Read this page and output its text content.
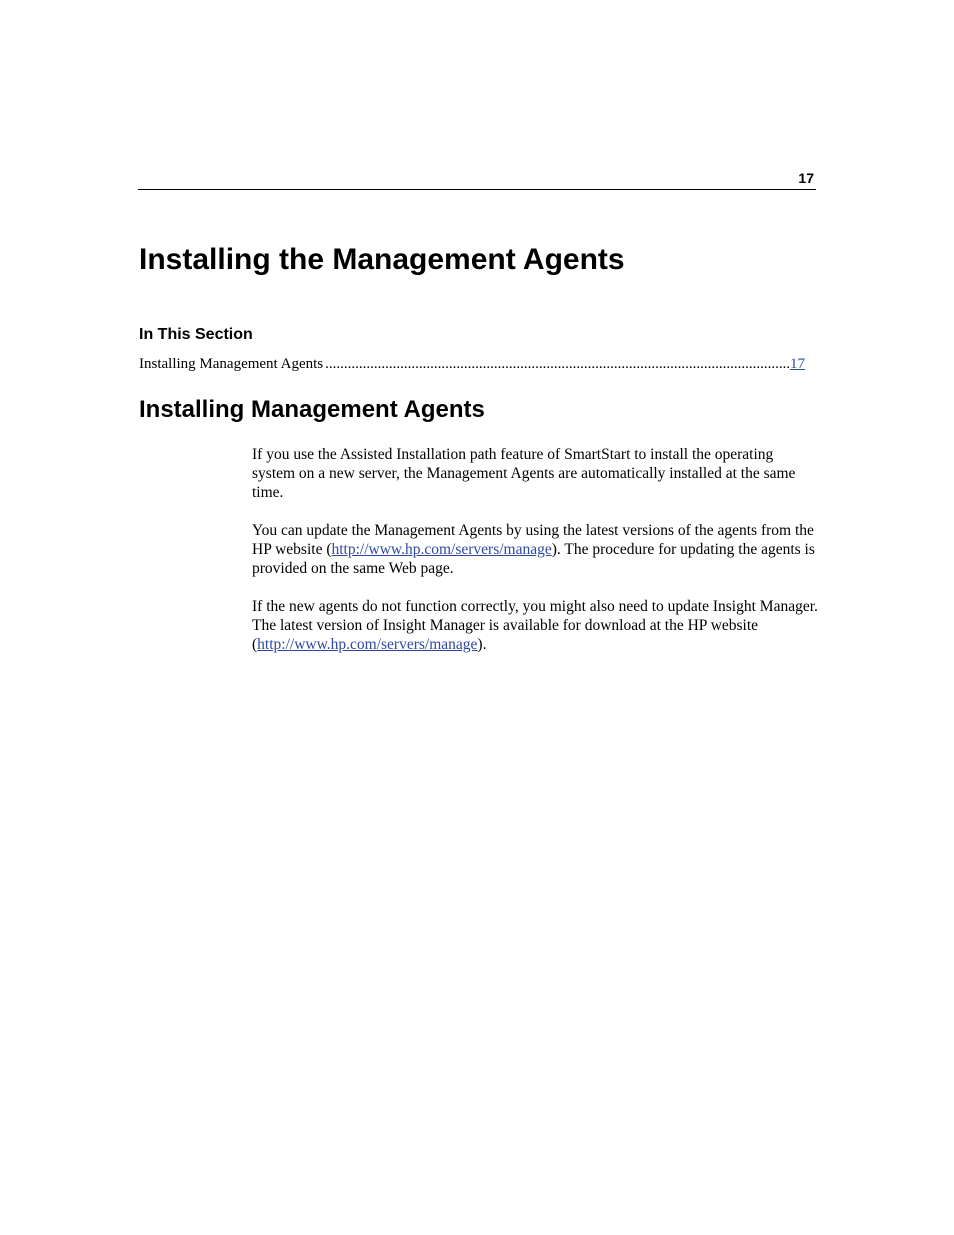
17
Installing the Management Agents
In This Section
Installing Management Agents
.....	17
Installing Management Agents

If you use the Assisted Installation path feature of SmartStart to install the operating system on a new server, the Management Agents are automatically installed at the same time.

You can update the Management Agents by using the latest versions of the agents from the HP website (http://www.hp.com/servers/manage). The procedure for updating the agents is provided on the same Web page.

If the new agents do not function correctly, you might also need to update Insight Manager. The latest version of Insight Manager is available for download at the HP website (http://www.hp.com/servers/manage).
